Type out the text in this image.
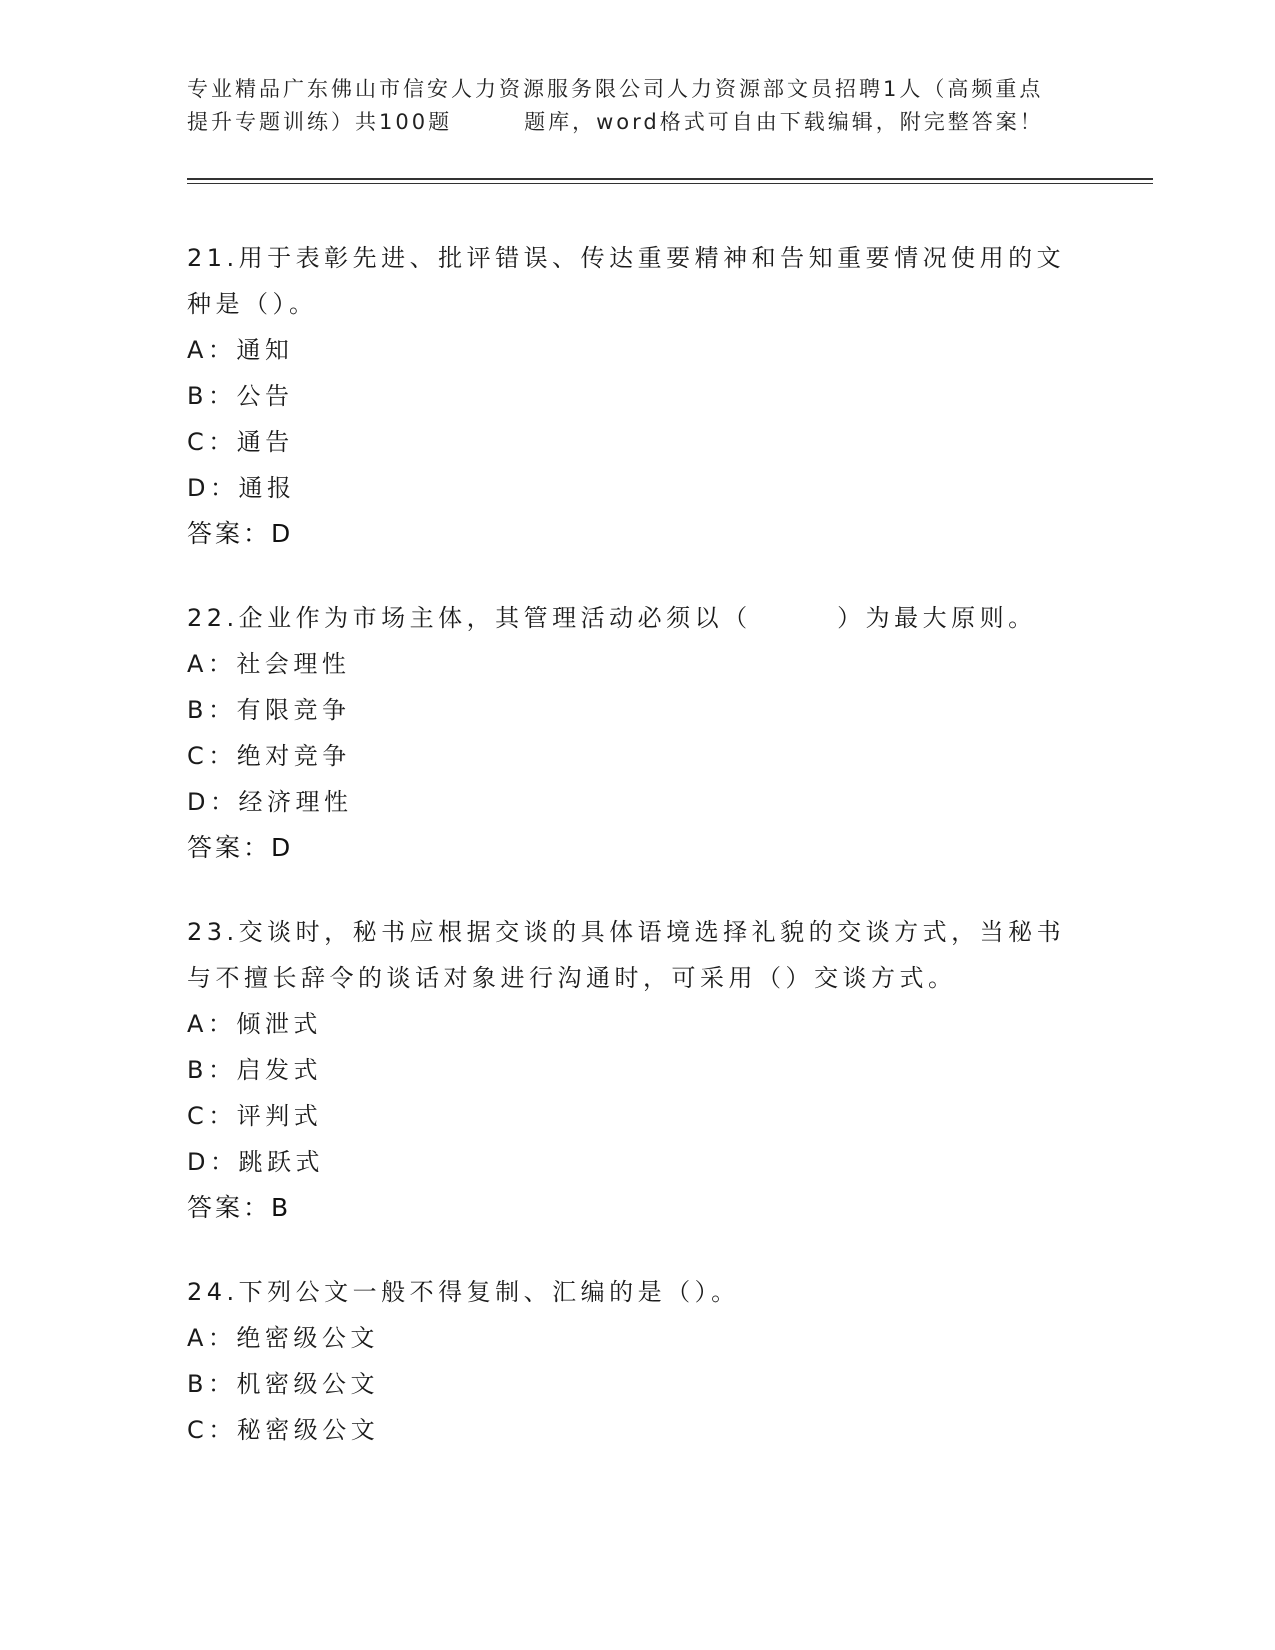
专业精品广东佛山市信安人力资源服务限公司人力资源部文员招聘1人（高频重点
提升专题训练）共100题　　　题库，word格式可自由下载编辑，附完整答案！

21.用于表彰先进、批评错误、传达重要精神和告知重要情况使用的文种是（）。

A：通知

B：公告

C：通告

D：通报

答案：D

22.企业作为市场主体，其管理活动必须以（　　　）为最大原则。

A：社会理性

B：有限竞争

C：绝对竞争

D：经济理性

答案：D

23.交谈时，秘书应根据交谈的具体语境选择礼貌的交谈方式，当秘书与不擅长辞令的谈话对象进行沟通时，可采用（）交谈方式。

A：倾泄式

B：启发式

C：评判式

D：跳跃式

答案：B

24.下列公文一般不得复制、汇编的是（）。

A：绝密级公文

B：机密级公文

C：秘密级公文
